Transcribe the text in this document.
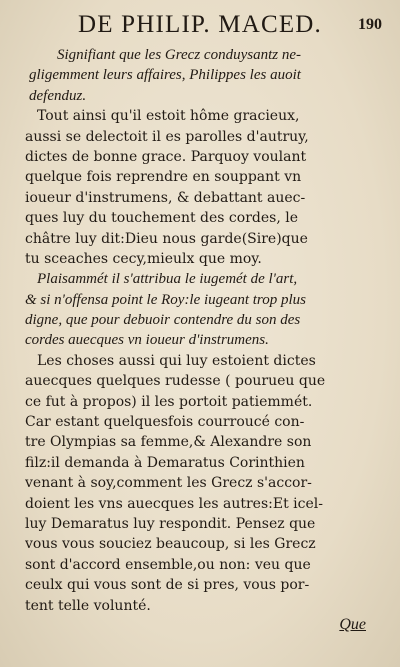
DE PHILIP. MACED.	190
Signifiant que les Grecz conduysantz ne-
gligemment leurs affaires, Philippes les auoit
defenduz.
Tout ainsi qu'il estoit hôme gracieux,
aussi se delectoit il es parolles d'autruy,
dictes de bonne grace. Parquoy voulant
quelque fois reprendre en souppant vn
ioueur d'instrumens, & debattant auec-
ques luy du touchement des cordes, le
châtre luy dit:Dieu nous garde(Sire)que
tu sceaches cecy,mieulx que moy.
Plaisammét il s'attribua le iugemét de l'art,
& si n'offensa point le Roy:le iugeant trop plus
digne, que pour debuoir contendre du son des
cordes auecques vn ioueur d'instrumens.
Les choses aussi qui luy estoient dictes
auecques quelques rudesse ( pourueu que
ce fut à propos) il les portoit patiemmét.
Car estant quelquesfois courroucé con-
tre Olympias sa femme,& Alexandre son
filz:il demanda à Demaratus Corinthien
venant à soy,comment les Grecz s'accor-
doient les vns auecques les autres:Et icel-
luy Demaratus luy respondit. Pensez que
vous vous souciez beaucoup, si les Grecz
sont d'accord ensemble,ou non: veu que
ceulx qui vous sont de si pres, vous por-
tent telle volunté.
Que
